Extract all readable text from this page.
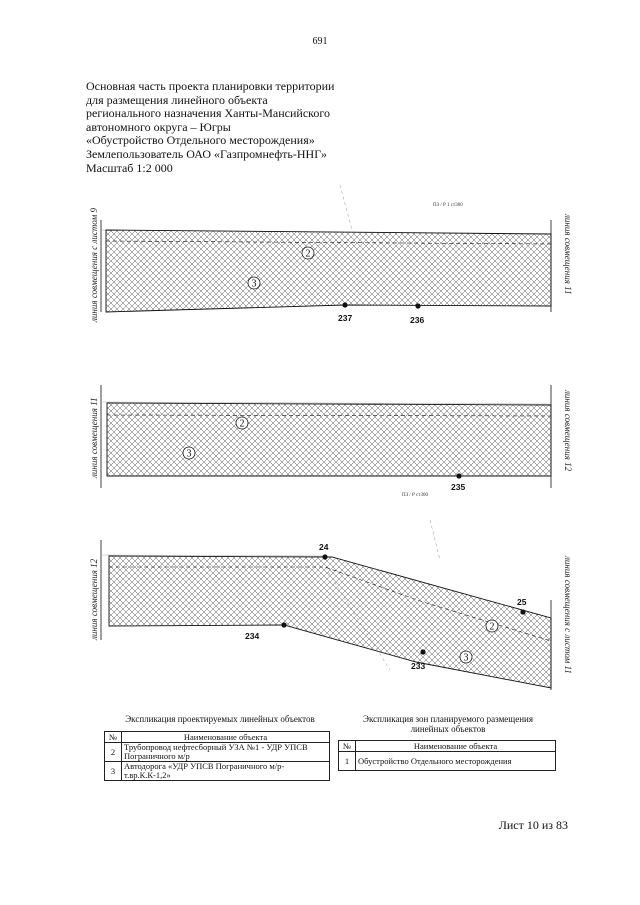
691
Основная часть проекта планировки территории
для размещения линейного объекта
регионального назначения Ханты-Мансийского
автономного округа – Югры
«Обустройство Отдельного месторождения»
Землепользователь ОАО «Газпромнефть-ННГ»
Масштаб 1:2 000
ПЗ / Р 1 ст300
линия совмещения с листом 9	линия совмещения 11
2
3
237	236
ПЗ / Р ст300
линия совмещения 11	линия совмещения 12
2
3
235
линия совмещения 12	линия совмещения с листом 11
2
3
24
234
233
25
Экспликация проектируемых линейных объектов
№	Наименование объекта
2	Трубопровод нефтесборный УЗА №1 - УДР УПСВ Пограничного м/р
3	Автодорога «УДР УПСВ Пограничного м/р-т.вр.К.К-1,2»
Экспликация зон планируемого размещения линейных объектов
№	Наименование объекта
1	Обустройство Отдельного месторождения
Лист 10 из 83
